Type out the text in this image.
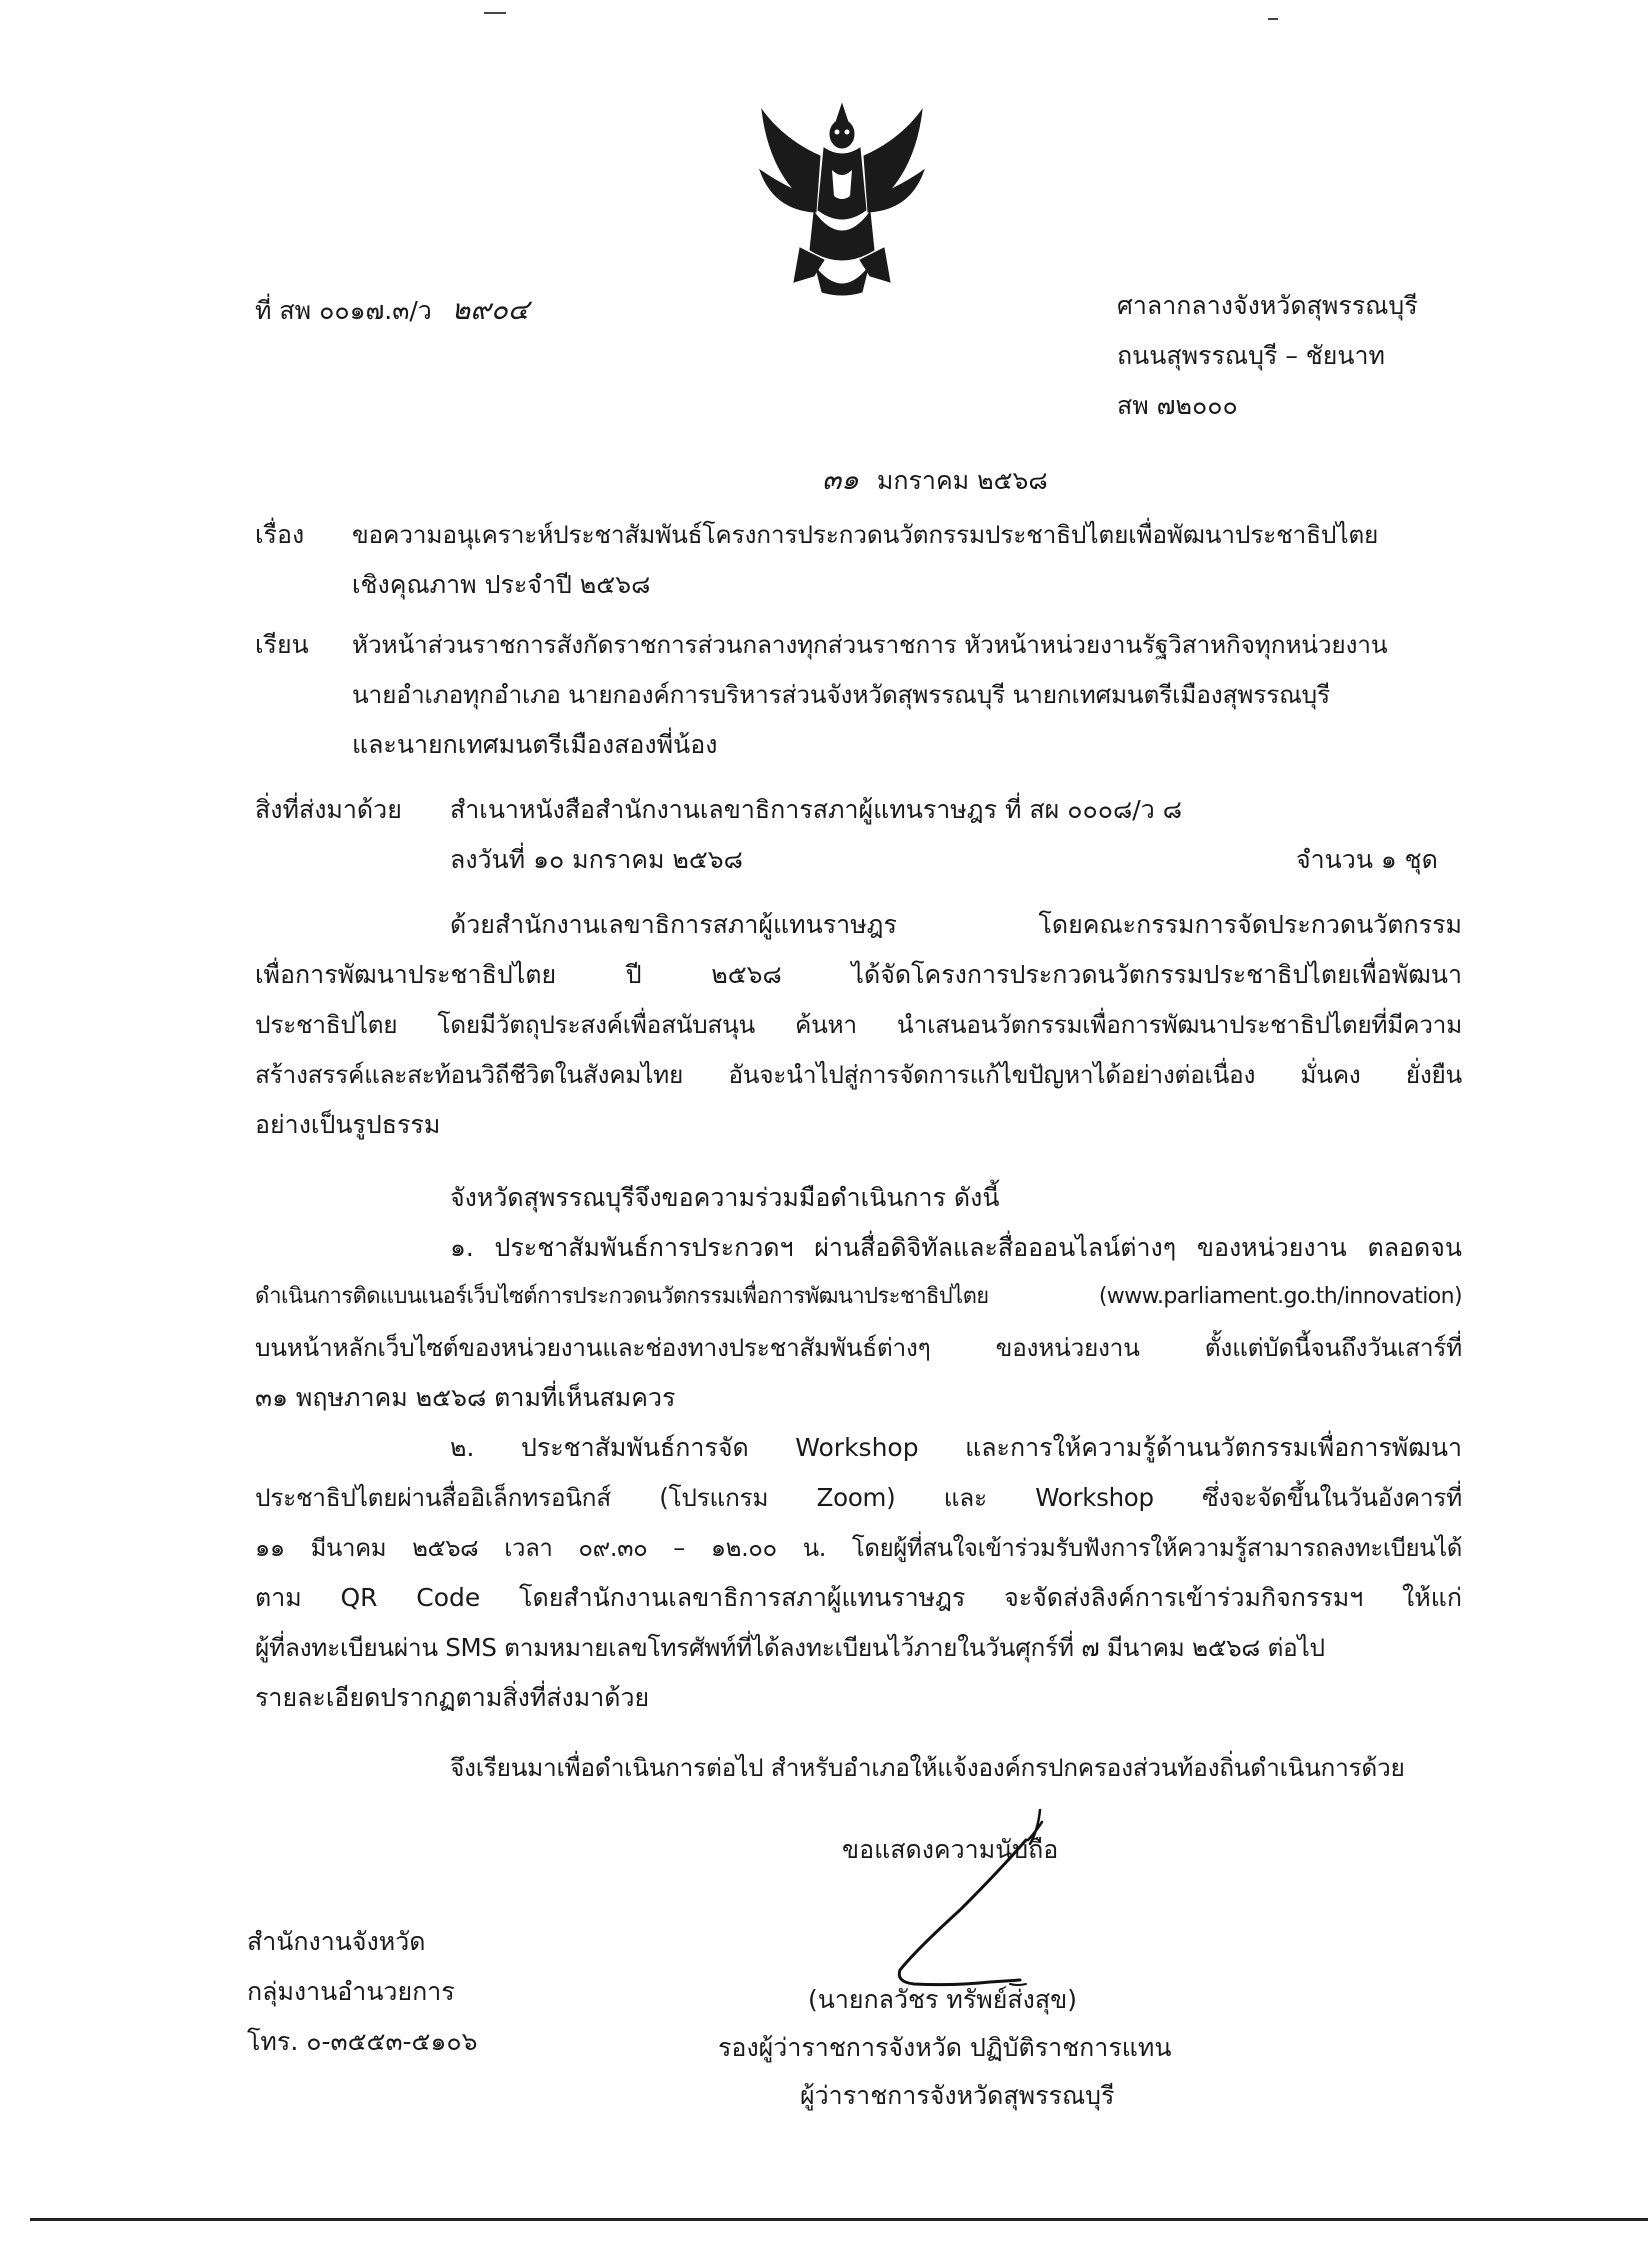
ที่ สพ ๐๐๑๗.๓/ว ๒๙๐๔	ศาลากลางจังหวัดสุพรรณบุรี
ถนนสุพรรณบุรี – ชัยนาท
สพ ๗๒๐๐๐
๓๑ มกราคม ๒๕๖๘
เรื่อง ขอความอนุเคราะห์ประชาสัมพันธ์โครงการประกวดนวัตกรรมประชาธิปไตยเพื่อพัฒนาประชาธิปไตย
เชิงคุณภาพ ประจำปี ๒๕๖๘
เรียน หัวหน้าส่วนราชการสังกัดราชการส่วนกลางทุกส่วนราชการ หัวหน้าหน่วยงานรัฐวิสาหกิจทุกหน่วยงาน
นายอำเภอทุกอำเภอ นายกองค์การบริหารส่วนจังหวัดสุพรรณบุรี นายกเทศมนตรีเมืองสุพรรณบุรี
และนายกเทศมนตรีเมืองสองพี่น้อง
สิ่งที่ส่งมาด้วย สำเนาหนังสือสำนักงานเลขาธิการสภาผู้แทนราษฎร ที่ สผ ๐๐๐๘/ว ๘
ลงวันที่ ๑๐ มกราคม ๒๕๖๘	จำนวน ๑ ชุด
ด้วยสำนักงานเลขาธิการสภาผู้แทนราษฎร โดยคณะกรรมการจัดประกวดนวัตกรรม
เพื่อการพัฒนาประชาธิปไตย ปี ๒๕๖๘ ได้จัดโครงการประกวดนวัตกรรมประชาธิปไตยเพื่อพัฒนา
ประชาธิปไตย โดยมีวัตถุประสงค์เพื่อสนับสนุน ค้นหา นำเสนอนวัตกรรมเพื่อการพัฒนาประชาธิปไตยที่มีความ
สร้างสรรค์และสะท้อนวิถีชีวิตในสังคมไทย อันจะนำไปสู่การจัดการแก้ไขปัญหาได้อย่างต่อเนื่อง มั่นคง ยั่งยืน
อย่างเป็นรูปธรรม
จังหวัดสุพรรณบุรีจึงขอความร่วมมือดำเนินการ ดังนี้
๑. ประชาสัมพันธ์การประกวดฯ ผ่านสื่อดิจิทัลและสื่อออนไลน์ต่างๆ ของหน่วยงาน ตลอดจน
ดำเนินการติดแบนเนอร์เว็บไซต์การประกวดนวัตกรรมเพื่อการพัฒนาประชาธิปไตย (www.parliament.go.th/innovation)
บนหน้าหลักเว็บไซต์ของหน่วยงานและช่องทางประชาสัมพันธ์ต่างๆ ของหน่วยงาน ตั้งแต่บัดนี้จนถึงวันเสาร์ที่
๓๑ พฤษภาคม ๒๕๖๘ ตามที่เห็นสมควร
๒. ประชาสัมพันธ์การจัด Workshop และการให้ความรู้ด้านนวัตกรรมเพื่อการพัฒนา
ประชาธิปไตยผ่านสื่ออิเล็กทรอนิกส์ (โปรแกรม Zoom) และ Workshop ซึ่งจะจัดขึ้นในวันอังคารที่
๑๑ มีนาคม ๒๕๖๘ เวลา ๐๙.๓๐ – ๑๒.๐๐ น. โดยผู้ที่สนใจเข้าร่วมรับฟังการให้ความรู้สามารถลงทะเบียนได้
ตาม QR Code โดยสำนักงานเลขาธิการสภาผู้แทนราษฎร จะจัดส่งลิงค์การเข้าร่วมกิจกรรมฯ ให้แก่
ผู้ที่ลงทะเบียนผ่าน SMS ตามหมายเลขโทรศัพท์ที่ได้ลงทะเบียนไว้ภายในวันศุกร์ที่ ๗ มีนาคม ๒๕๖๘ ต่อไป
รายละเอียดปรากฏตามสิ่งที่ส่งมาด้วย
จึงเรียนมาเพื่อดำเนินการต่อไป สำหรับอำเภอให้แจ้งองค์กรปกครองส่วนท้องถิ่นดำเนินการด้วย
ขอแสดงความนับถือ
(นายกลวัชร ทรัพย์ส่งสุข)
รองผู้ว่าราชการจังหวัด ปฏิบัติราชการแทน
ผู้ว่าราชการจังหวัดสุพรรณบุรี
สำนักงานจังหวัด
กลุ่มงานอำนวยการ
โทร. ๐-๓๕๕๓-๕๑๐๖
